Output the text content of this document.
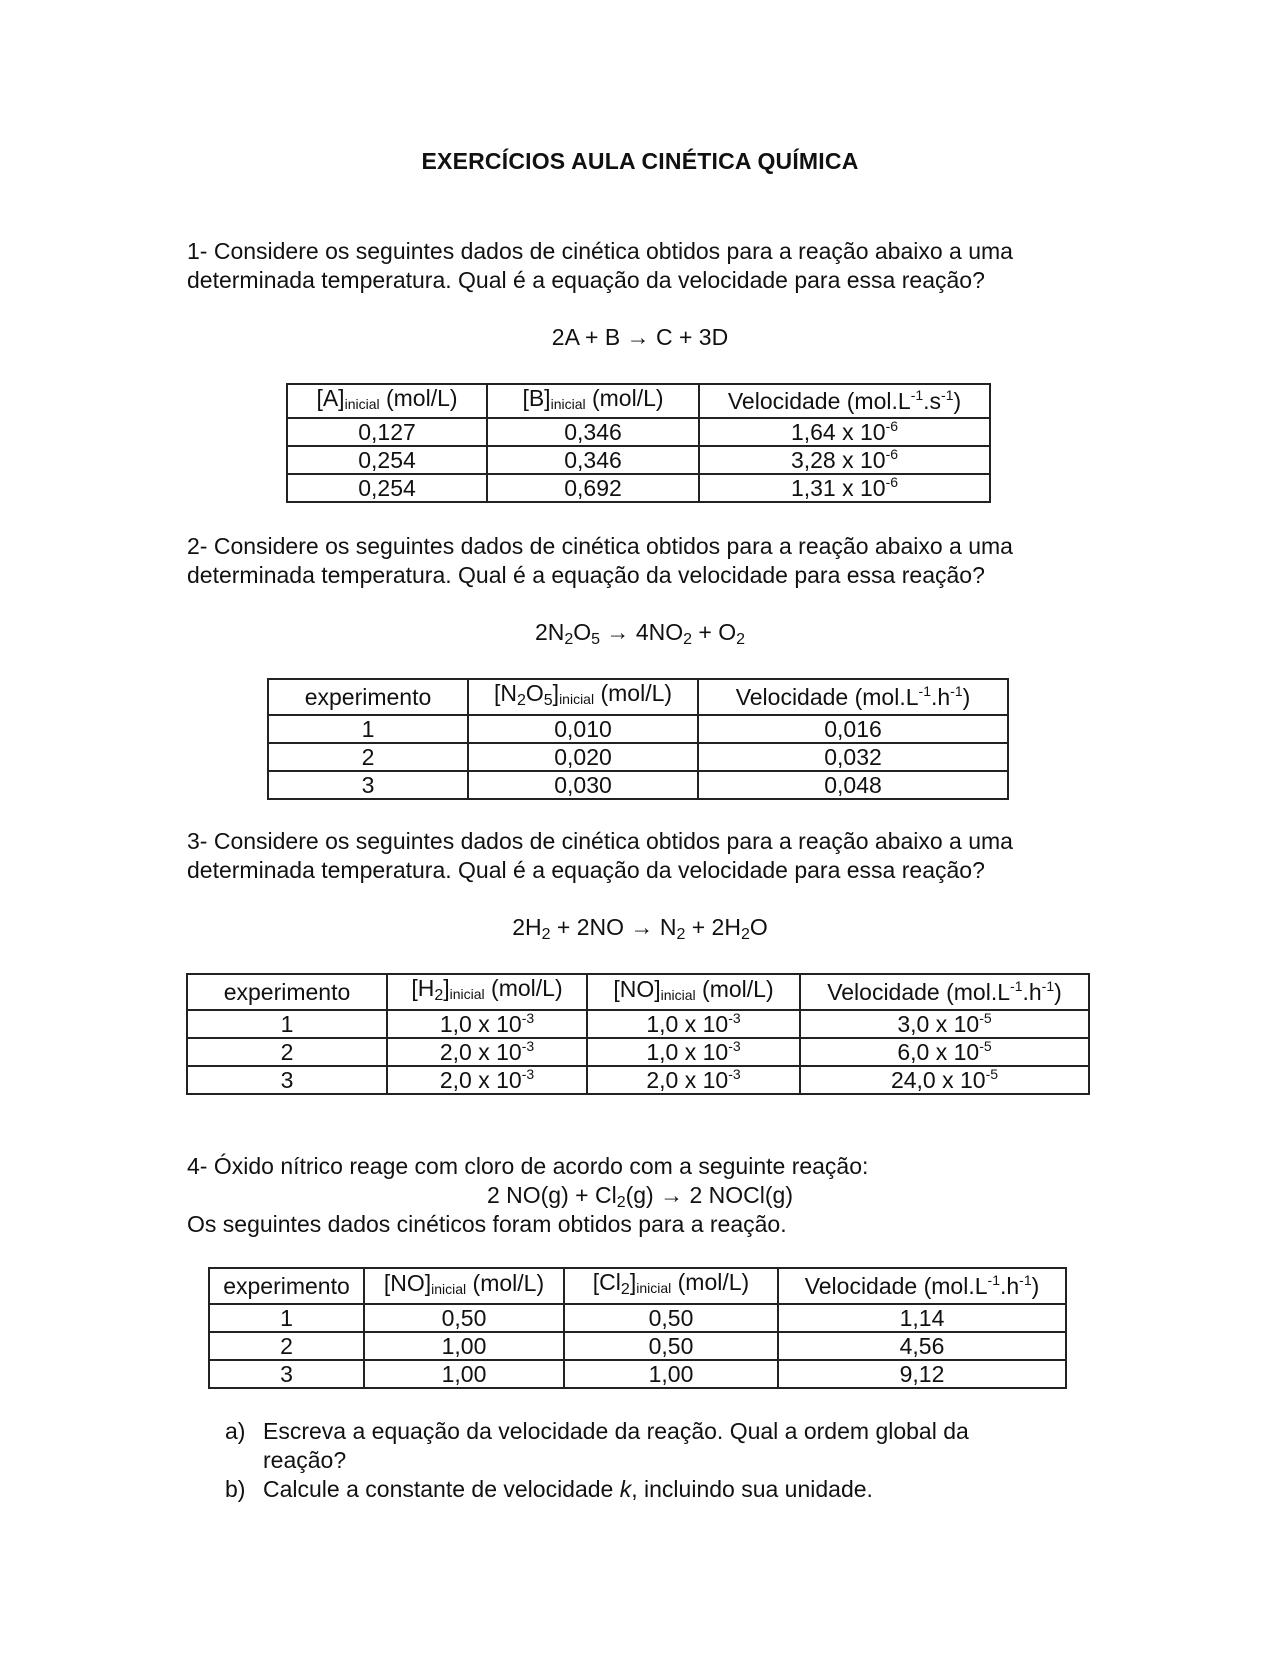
EXERCÍCIOS AULA CINÉTICA QUÍMICA
1- Considere os seguintes dados de cinética obtidos para a reação abaixo a uma
determinada temperatura. Qual é a equação da velocidade para essa reação?
2A + B → C + 3D
$[A]_{inicial}$ (mol/L)	$[B]_{inicial}$ (mol/L)	Velocidade $(mol.L^{-1}.s^{-1})$
0,127	0,346	1,64 x $10^{-6}$
0,254	0,346	3,28 x $10^{-6}$
0,254	0,692	1,31 x $10^{-6}$
2- Considere os seguintes dados de cinética obtidos para a reação abaixo a uma
determinada temperatura. Qual é a equação da velocidade para essa reação?
$2N_2O_5 \to 4NO_2 + O_2$
experimento	$[N_2O_5]_{inicial}$ (mol/L)	Velocidade $(mol.L^{-1}.h^{-1})$
1	0,010	0,016
2	0,020	0,032
3	0,030	0,048
3- Considere os seguintes dados de cinética obtidos para a reação abaixo a uma
determinada temperatura. Qual é a equação da velocidade para essa reação?
$2H_2 + 2NO \to N_2 + 2H_2O$
experimento	$[H_2]_{inicial}$ (mol/L)	$[NO]_{inicial}$ (mol/L)	Velocidade $(mol.L^{-1}.h^{-1})$
1	1,0 x $10^{-3}$	1,0 x $10^{-3}$	3,0 x $10^{-5}$
2	2,0 x $10^{-3}$	1,0 x $10^{-3}$	6,0 x $10^{-5}$
3	2,0 x $10^{-3}$	2,0 x $10^{-3}$	24,0 x $10^{-5}$
4- Óxido nítrico reage com cloro de acordo com a seguinte reação:
2 $NO(g) + Cl_2(g) \to 2$ NOCl(g)
Os seguintes dados cinéticos foram obtidos para a reação.
experimento	$[NO]_{inicial}$ (mol/L)	$[Cl_2]_{inicial}$ (mol/L)	Velocidade $(mol.L^{-1}.h^{-1})$
1	0,50	0,50	1,14
2	1,00	0,50	4,56
3	1,00	1,00	9,12
a) Escreva a equação da velocidade da reação. Qual a ordem global da
reação?
b) Calcule a constante de velocidade k, incluindo sua unidade.
